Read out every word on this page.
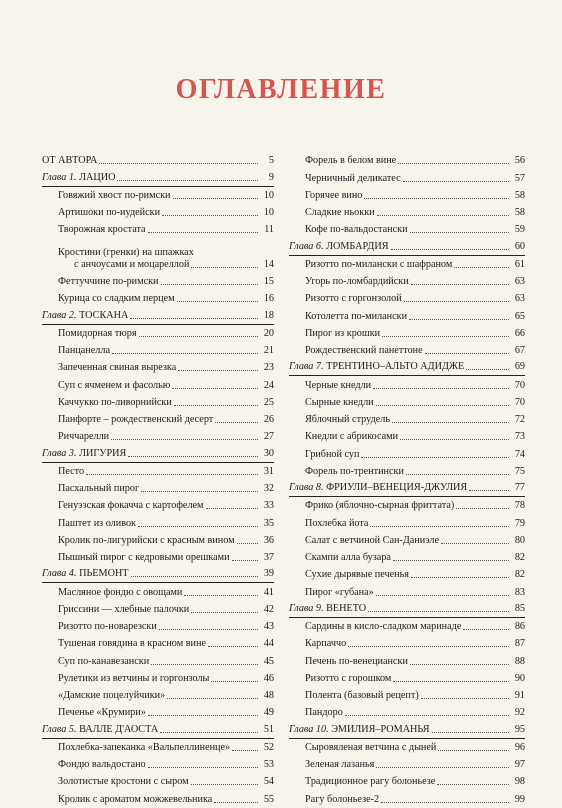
ОГЛАВЛЕНИЕ
ОТ АВТОРА	5
Глава 1. ЛАЦИО	9
Говяжий хвост по-римски	10
Артишоки по-иудейски	10
Творожная кростата	11
Кростини (гренки) на шпажках
с анчоусами и моцареллой	14
Феттуччине по-римски	15
Курица со сладким перцем	16
Глава 2. ТОСКАНА	18
Помидорная тюря	20
Панцанелла	21
Запеченная свиная вырезка	23
Суп с ячменем и фасолью	24
Каччукко по-ливорнийски	25
Панфорте – рождественский десерт	26
Риччарелли	27
Глава 3. ЛИГУРИЯ	30
Песто	31
Пасхальный пирог	32
Генуэзская фокачча с картофелем	33
Паштет из оливок	35
Кролик по-лигурийски с красным вином	36
Пышный пирог с кедровыми орешками	37
Глава 4. ПЬЕМОНТ	39
Масляное фондю с овощами	41
Гриссини — хлебные палочки	42
Ризотто по-новарезски	43
Тушеная говядина в красном вине	44
Суп по-канавезански	45
Рулетики из ветчины и горгонзолы	46
«Дамские поцелуйчики»	48
Печенье «Крумири»	49
Глава 5. ВАЛЛЕ Д'АОСТА	51
Похлебка-запеканка «Вальпеллиненце»	52
Фондю вальдостано	53
Золотистые кростони с сыром	54
Кролик с ароматом можжевельника	55
Форель в белом вине	56
Черничный деликатес	57
Горячее вино	58
Сладкие ньокки	58
Кофе по-вальдостански	59
Глава 6. ЛОМБАРДИЯ	60
Ризотто по-милански с шафраном	61
Угорь по-ломбардийски	63
Ризотто с горгонзолой	63
Котолетта по-милански	65
Пирог из крошки	66
Рождественский панеттоне	67
Глава 7. ТРЕНТИНО–АЛЬТО АДИДЖЕ	69
Черные кнедли	70
Сырные кнедли	70
Яблочный струдель	72
Кнедли с абрикосами	73
Грибной суп	74
Форель по-трентински	75
Глава 8. ФРИУЛИ–ВЕНЕЦИЯ-ДЖУЛИЯ	77
Фрико (яблочно-сырная фриттата)	78
Похлебка йота	79
Салат с ветчиной Сан-Даниэле	80
Скампи алла бузара	82
Сухие дырявые печенья	82
Пирог «губана»	83
Глава 9. ВЕНЕТО	85
Сардины в кисло-сладком маринаде	86
Карпаччо	87
Печень по-венециански	88
Ризотто с горошком	90
Полента (базовый рецепт)	91
Пандоро	92
Глава 10. ЭМИЛИЯ–РОМАНЬЯ	95
Сыровяленая ветчина с дыней	96
Зеленая лазанья	97
Традиционное рагу болоньезе	98
Рагу болоньезе-2	99
